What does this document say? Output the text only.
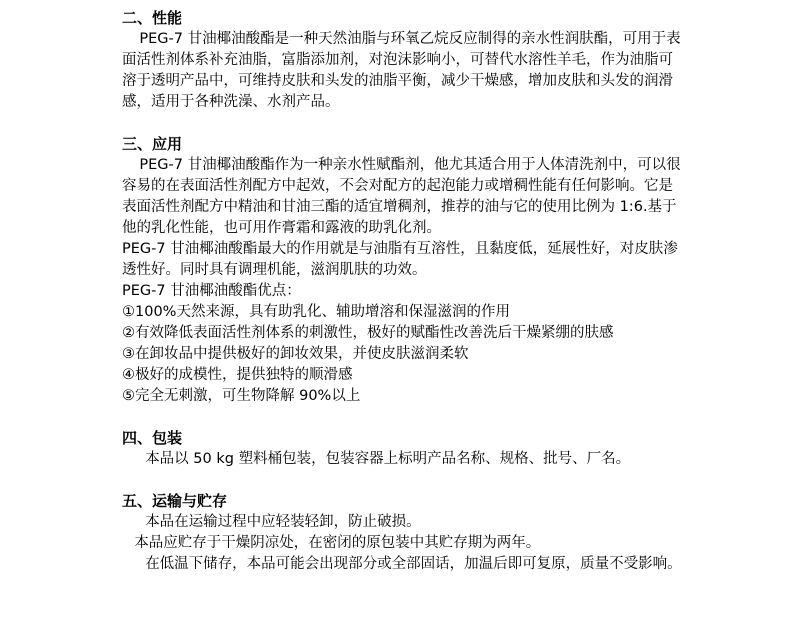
二、性能

PEG-7 甘油椰油酸酯是一种天然油脂与环氧乙烷反应制得的亲水性润肤酯，可用于表面活性剂体系补充油脂，富脂添加剂，对泡沫影响小，可替代水溶性羊毛，作为油脂可溶于透明产品中，可维持皮肤和头发的油脂平衡，减少干燥感，增加皮肤和头发的润滑感，适用于各种洗澡、水剂产品。

三、应用

PEG-7 甘油椰油酸酯作为一种亲水性赋酯剂，他尤其适合用于人体清洗剂中，可以很容易的在表面活性剂配方中起效，不会对配方的起泡能力或增稠性能有任何影响。它是表面活性剂配方中精油和甘油三酯的适宜增稠剂，推荐的油与它的使用比例为 1:6.基于他的乳化性能，也可用作膏霜和露液的助乳化剂。

PEG-7 甘油椰油酸酯最大的作用就是与油脂有互溶性，且黏度低，延展性好，对皮肤渗透性好。同时具有调理机能，滋润肌肤的功效。

PEG-7 甘油椰油酸酯优点：

①100%天然来源，具有助乳化、辅助增溶和保湿滋润的作用

②有效降低表面活性剂体系的刺激性，极好的赋酯性改善洗后干燥紧绷的肤感

③在卸妆品中提供极好的卸妆效果，并使皮肤滋润柔软

④极好的成模性，提供独特的顺滑感

⑤完全无刺激，可生物降解 90%以上

四、包装

本品以 50 kg 塑料桶包装，包装容器上标明产品名称、规格、批号、厂名。

五、运输与贮存

本品在运输过程中应轻装轻卸，防止破损。

本品应贮存于干燥阴凉处，在密闭的原包装中其贮存期为两年。

在低温下储存，本品可能会出现部分或全部固话，加温后即可复原，质量不受影响。
